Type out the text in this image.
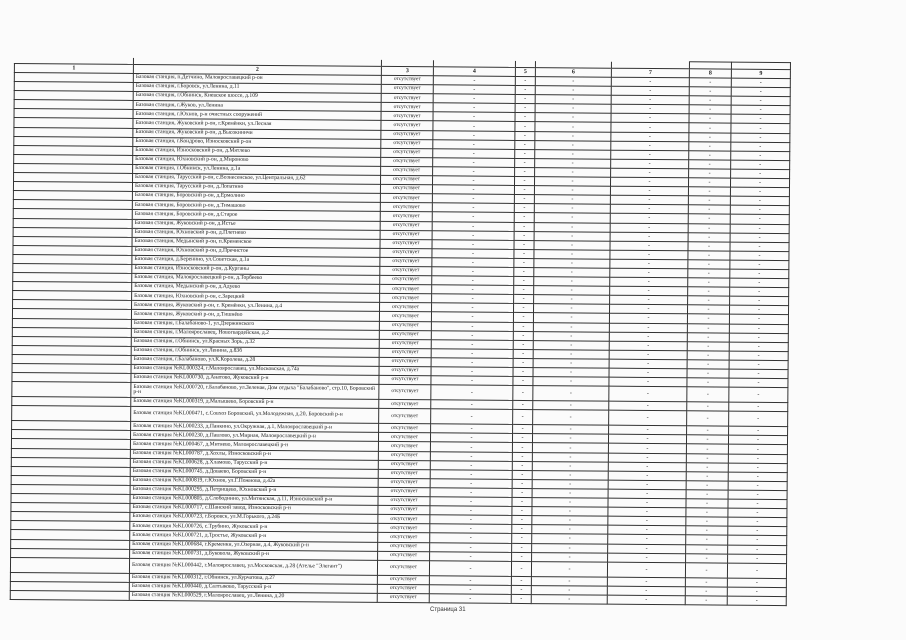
1	2	3	4	5	6	7	8	9
	Базовая станция, п.Детчино, Малоярославецкий р-он	отсутствует	-	-	-	-	-	-
	Базовая станция, г.Боровск, ул.Ленина, д.11	отсутствует	-	-	-	-	-	-
	Базовая станция, г.Обнинск, Киевское шоссе, д.109	отсутствует	-	-	-	-	-	-
	Базовая станция, г.Жуков, ул.Ленина	отсутствует	-	-	-	-	-	-
	Базовая станция, г.Юхнов, р-н очистных сооружений	отсутствует	-	-	-	-	-	-
	Базовая станция, Жуковский р-он, г.Кремёнки, ул.Лесная	отсутствует	-	-	-	-	-	-
	Базовая станция, Жуковский р-он, д.Высокиничи	отсутствует	-	-	-	-	-	-
	Базовая станция, г.Кондрово, Износковский р-он	отсутствует	-	-	-	-	-	-
	Базовая станция, Износковский р-он, д.Мятлево	отсутствует	-	-	-	-	-	-
	Базовая станция, Юхновский р-он, д.Мироново	отсутствует	-	-	-	-	-	-
	Базовая станция, г.Обнинск, ул.Ленина, д.1а	отсутствует	-	-	-	-	-	-
	Базовая станция, Тарусский р-он, с.Вознесенское, ул.Центральная, д.62	отсутствует	-	-	-	-	-	-
	Базовая станция, Тарусский р-он, д.Лопатино	отсутствует	-	-	-	-	-	-
	Базовая станция, Боровский р-он, д.Ермолино	отсутствует	-	-	-	-	-	-
	Базовая станция, Боровский р-он, д.Тимашово	отсутствует	-	-	-	-	-	-
	Базовая станция, Боровский р-он, д.Старое	отсутствует	-	-	-	-	-	-
	Базовая станция, Жуковский р-он, д.Истье	отсутствует	-	-	-	-	-	-
	Базовая станция, Юхновский р-он, д.Плетнево	отсутствует	-	-	-	-	-	-
	Базовая станция, Медынский р-он, п.Кременское	отсутствует	-	-	-	-	-	-
	Базовая станция, Юхновский р-он, д.Пречистое	отсутствует	-	-	-	-	-	-
	Базовая станция, д.Беренино, ул.Советская, д.1а	отсутствует	-	-	-	-	-	-
	Базовая станция, Износковский р-он, д.Курганы	отсутствует	-	-	-	-	-	-
	Базовая станция, Малоярославецкий р-он, д.Торбеево	отсутствует	-	-	-	-	-	-
	Базовая станция, Медынский р-он, д.Адуево	отсутствует	-	-	-	-	-	-
	Базовая станция, Юхновский р-он, с.Зарецкий	отсутствует	-	-	-	-	-	-
	Базовая станция, Жуковский р-он, г. Кремёнки, ул.Ленина, д.4	отсутствует	-	-	-	-	-	-
	Базовая станция, Жуковский р-он, д.Тишнёво	отсутствует	-	-	-	-	-	-
	Базовая станция, г.Балабаново-1, ул.Дзержинского	отсутствует	-	-	-	-	-	-
	Базовая станция, г.Малоярославец, Новогвардейская, д.2	отсутствует	-	-	-	-	-	-
	Базовая станция, г.Обнинск, ул.Красных Зорь, д.32	отсутствует	-	-	-	-	-	-
	Базовая станция, г.Обнинск, ул.Ленина, д.83б	отсутствует	-	-	-	-	-	-
	Базовая станция, г.Балабаново, ул.К.Королева, д.28	отсутствует	-	-	-	-	-	-
	Базовая станция №KL000324, г.Малоярославец, ул.Московская, д.74а	отсутствует	-	-	-	-	-	-
	Базовая станция №KL000730, д.Анатово, Жуковский р-н	отсутствует	-	-	-	-	-	-
	Базовая станция №KL000720, г.Балабаново, ул.Зеленая, Дом отдыха "Балабаново", стр.10, Боровский р-н	отсутствует	-	-	-	-	-	-
	Базовая станция №KL000319, д.Малышево, Боровский р-н	отсутствует	-	-	-	-	-	-
	Базовая станция №KL000471, с.Совхоз Боровский, ул.Молодежная, д.20, Боровский р-н	отсутствует	-	-	-	-	-	-
	Базовая станция №KL000233, д.Панкино, ул.Окружная, д.1, Малоярославецкий р-н	отсутствует	-	-	-	-	-	-
	Базовая станция №KL000230, д.Павлово, ул.Мирная, Малоярославецкий р-н	отсутствует	-	-	-	-	-	-
	Базовая станция №KL000467, д.Митяево, Малоярославецкий р-н	отсутствует	-	-	-	-	-	-
	Базовая станция №KL000787, д.Хохлы, Износковский р-н	отсутствует	-	-	-	-	-	-
	Базовая станция №KL000628, д.Хламово, Тарусский р-н	отсутствует	-	-	-	-	-	-
	Базовая станция №KL000745, д.Доваево, Боровский р-н	отсутствует	-	-	-	-	-	-
	Базовая станция №KL000819, г.Юхнов, ул.Г.Пожиова, д.42а	отсутствует	-	-	-	-	-	-
	Базовая станция №KL000295, д.Петрищево, Юхновский р-н	отсутствует	-	-	-	-	-	-
	Базовая станция №KL000805, д.Слободнино, ул.Митянская, д.11, Износковский р-н	отсутствует	-	-	-	-	-	-
	Базовая станция №KL000717, с.Шанский завод, Износковский р-н	отсутствует	-	-	-	-	-	-
	Базовая станция №KL000723, г.Боровск, ул.М.Горького, д.24Б	отсутствует	-	-	-	-	-	-
	Базовая станция №KL000726, с.Трубино, Жуковский р-н	отсутствует	-	-	-	-	-	-
	Базовая станция №KL000721, д.Тростье, Жуковский р-н	отсутствует	-	-	-	-	-	-
	Базовая станция №KL000684, г.Кременки, ул.Озерная, д.4, Жуковский р-н	отсутствует	-	-	-	-	-	-
	Базовая станция №KL000731, д.Буковола, Жуковский р-н	отсутствует	-	-	-	-	-	-
	Базовая станция №KL000442, г.Малоярославец, ул.Московская, д.28 (Ателье "Элегант")	отсутствует	-	-	-	-	-	-
	Базовая станция №KL000312, г.Обнинск, ул.Курчатова, д.27	отсутствует	-	-	-	-	-	-
	Базовая станция №KL000440, д.Салтыково, Тарусский р-н	отсутствует	-	-	-	-	-	-
	Базовая станция №KL000529, г.Малоярославец, ул.Ленина, д.20	отсутствует	-	-	-	-	-	-
Страница 31
